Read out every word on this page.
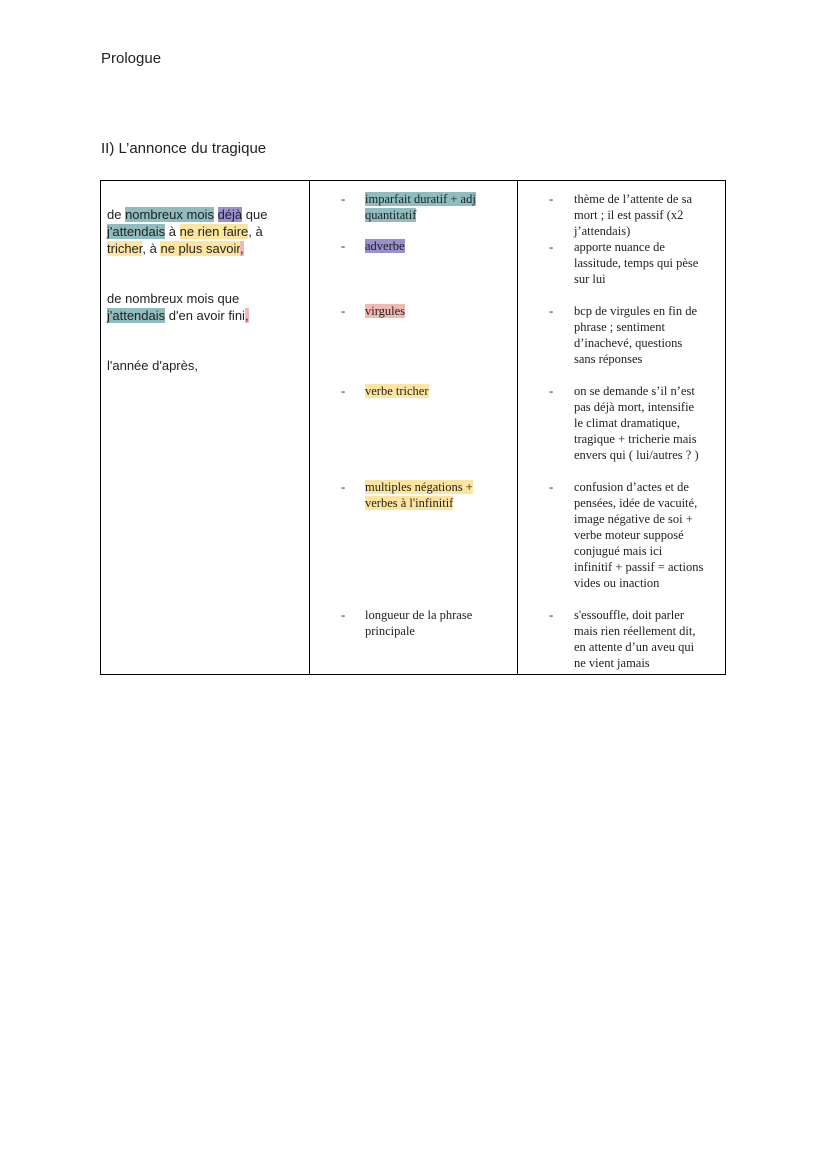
Prologue
II) L’annonce du tragique
de nombreux mois déjà que
j'attendais à ne rien faire, à
tricher, à ne plus savoir,
de nombreux mois que
j'attendais d'en avoir fini,
l'année d'après,
- imparfait duratif + adj
quantitatif
- adverbe
- virgules
- verbe tricher
- multiples négations +
verbes à l'infinitif
- longueur de la phrase
principale
- thème de l’attente de sa
mort ; il est passif (x2
j’attendais)
- apporte nuance de
lassitude, temps qui pèse
sur lui
- bcp de virgules en fin de
phrase ; sentiment
d’inachevé, questions
sans réponses
- on se demande s’il n’est
pas déjà mort, intensifie
le climat dramatique,
tragique + tricherie mais
envers qui ( lui/autres ? )
- confusion d’actes et de
pensées, idée de vacuité,
image négative de soi +
verbe moteur supposé
conjugué mais ici
infinitif + passif = actions
vides ou inaction
- s'essouffle, doit parler
mais rien réellement dit,
en attente d’un aveu qui
ne vient jamais
